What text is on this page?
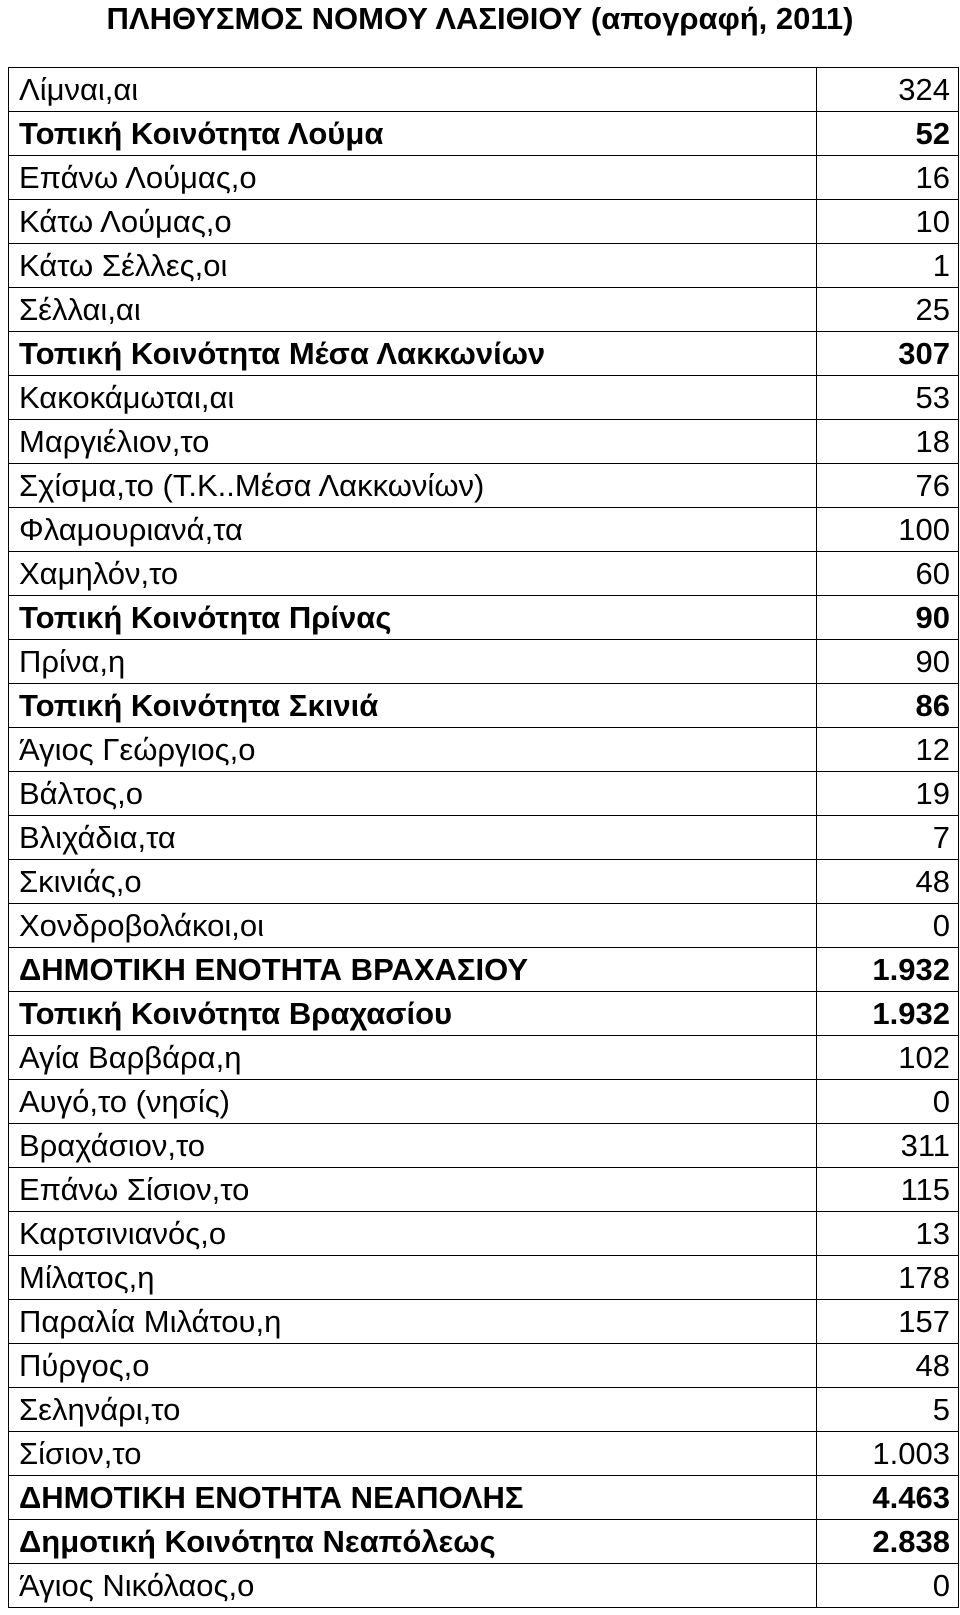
ΠΛΗΘΥΣΜΟΣ ΝΟΜΟΥ ΛΑΣΙΘΙΟΥ (απογραφή, 2011)
Λίμναι,αι	324
Τοπική Κοινότητα Λούμα	52
Επάνω Λούμας,ο	16
Κάτω Λούμας,ο	10
Κάτω Σέλλες,οι	1
Σέλλαι,αι	25
Τοπική Κοινότητα Μέσα Λακκωνίων	307
Κακοκάμωται,αι	53
Μαργιέλιον,το	18
Σχίσμα,το (Τ.Κ..Μέσα Λακκωνίων)	76
Φλαμουριανά,τα	100
Χαμηλόν,το	60
Τοπική Κοινότητα Πρίνας	90
Πρίνα,η	90
Τοπική Κοινότητα Σκινιά	86
Άγιος Γεώργιος,ο	12
Βάλτος,ο	19
Βλιχάδια,τα	7
Σκινιάς,ο	48
Χονδροβολάκοι,οι	0
ΔΗΜΟΤΙΚΗ ΕΝΟΤΗΤΑ ΒΡΑΧΑΣΙΟΥ	1.932
Τοπική Κοινότητα Βραχασίου	1.932
Αγία Βαρβάρα,η	102
Αυγό,το (νησίς)	0
Βραχάσιον,το	311
Επάνω Σίσιον,το	115
Καρτσινιανός,ο	13
Μίλατος,η	178
Παραλία Μιλάτου,η	157
Πύργος,ο	48
Σεληνάρι,το	5
Σίσιον,το	1.003
ΔΗΜΟΤΙΚΗ ΕΝΟΤΗΤΑ ΝΕΑΠΟΛΗΣ	4.463
Δημοτική Κοινότητα Νεαπόλεως	2.838
Άγιος Νικόλαος,ο	0
